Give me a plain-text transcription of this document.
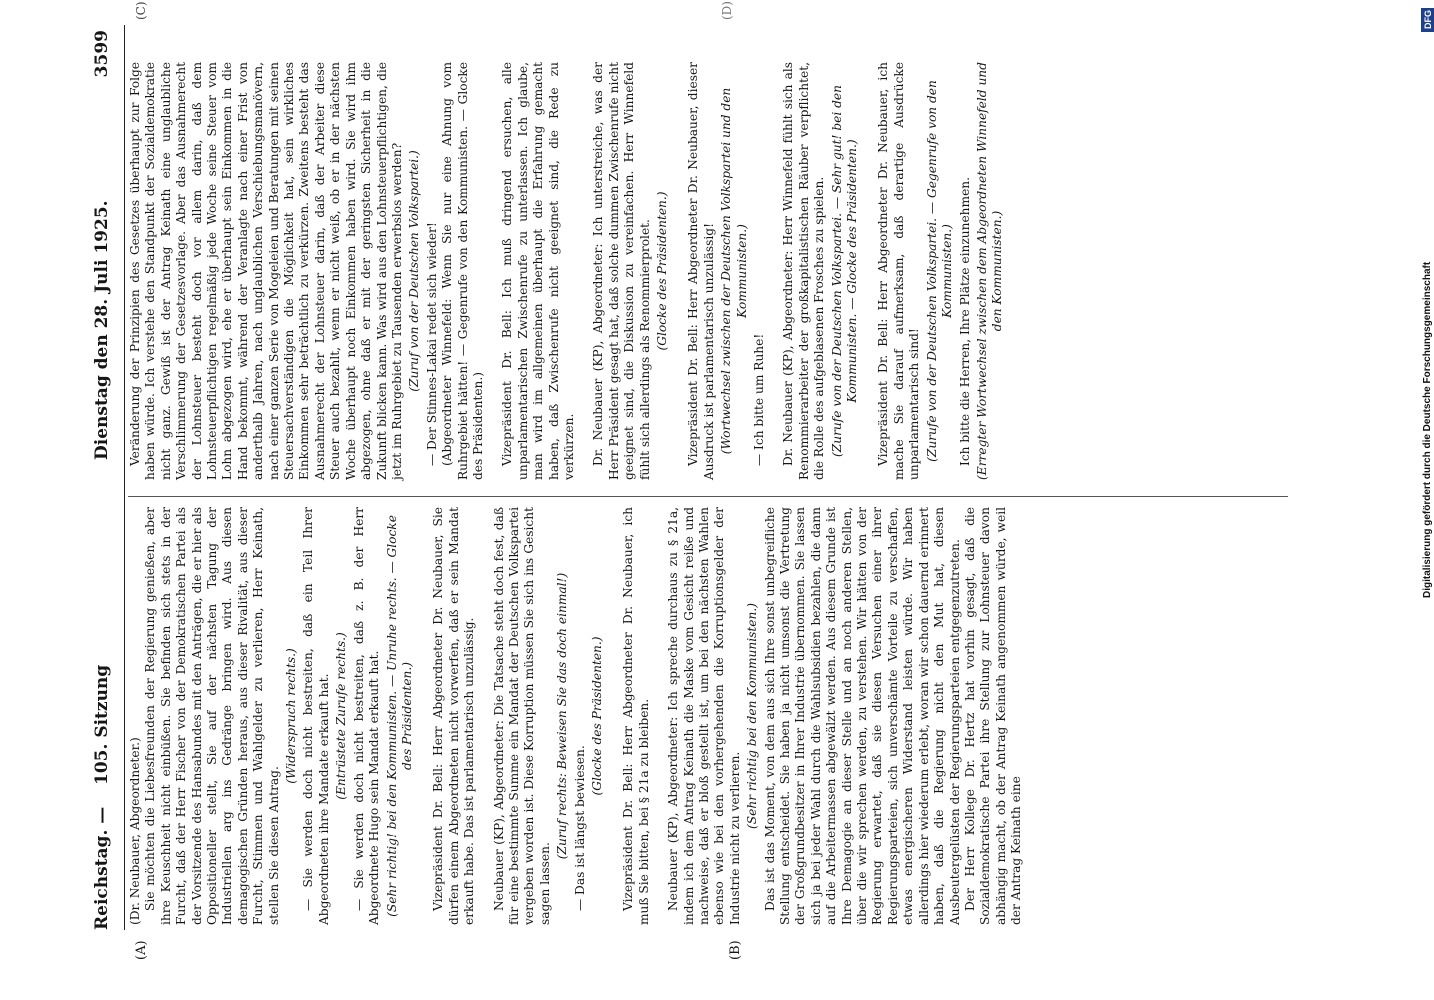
(A)	(B)
(C)	(D)
Reichstag. —
105. Sitzung
Dienstag den 28. Juli 1925.
3599

(Dr. Neubauer, Abgeordneter.) Sie möchten die Liebesfreunden der Regierung genießen, aber ihre Keuschheit nicht einbüßen. Sie befinden sich stets in der Furcht, daß der Herr Fischer von der Demokratischen Partei als der Vorsitzende des Hansabundes mit den Anträgen, die er hier als Oppositioneller stellt, Sie auf der nächsten Tagung der Industriellen arg ins Gedränge bringen wird. Aus diesen demagogischen Gründen heraus, aus dieser Rivalität, aus dieser Furcht, Stimmen und Wahlgelder zu verlieren, Herr Keinath, stellen Sie diesen Antrag.

(Widerspruch rechts.) — Sie werden doch nicht bestreiten, daß ein Teil Ihrer Abgeordneten ihre Mandate erkauft hat. (Entrüstete Zurufe rechts.) — Sie werden doch nicht bestreiten, daß z. B. der Herr Abgeordnete Hugo sein Mandat erkauft hat. (Sehr richtig! bei den Kommunisten. — Unruhe rechts. — Glocke des Präsidenten.) Vizepräsident Dr. Bell: Herr Abgeordneter Dr. Neubauer, Sie dürfen einem Abgeordneten nicht vorwerfen, daß er sein Mandat erkauft habe. Das ist parlamentarisch unzulässig. Neubauer (KP), Abgeordneter: Die Tatsache steht doch fest, daß für eine bestimmte Summe ein Mandat der Deutschen Volkspartei vergeben worden ist. Diese Korruption müssen Sie sich ins Gesicht sagen lassen.

(Zuruf rechts: Beweisen Sie das doch einmal!) — Das ist längst bewiesen.

(Glocke des Präsidenten.) Vizepräsident Dr. Bell: Herr Abgeordneter Dr. Neubauer, ich muß Sie bitten, bei § 21a zu bleiben. Neubauer (KP), Abgeordneter: Ich spreche durchaus zu § 21a, indem ich dem Antrag Keinath die Maske vom Gesicht reiße und nachweise, daß er bloß gestellt ist, um bei den nächsten Wahlen ebenso wie bei den vorhergehenden die Korruptionsgelder der Industrie nicht zu verlieren.

(Sehr richtig bei den Kommunisten.) Das ist das Moment, von dem aus sich Ihre sonst unbegreifliche Stellung entscheidet. Sie haben ja nicht umsonst die Vertretung der Großgrundbesitzer in Ihrer Industrie übernommen. Sie lassen sich ja bei jeder Wahl durch die Wahlsubsidien bezahlen, die dann auf die Arbeitermassen abgewälzt werden. Aus diesem Grunde ist Ihre Demagogie an dieser Stelle und an noch anderen Stellen, über die wir sprechen werden, zu verstehen. Wir hätten von der Regierung erwartet, daß sie diesen Versuchen einer ihrer Regierungsparteien, sich unverschämte Vorteile zu verschaffen, etwas energischeren Widerstand leisten würde. Wir haben allerdings hier wiederum erlebt, woran wir schon dauernd erinnert haben, daß die Regierung nicht den Mut hat, diesen Ausbeutergelüsten der Regierungsparteien entgegenzutreten. Der Herr Kollege Dr. Hertz hat vorhin gesagt, daß die Sozialdemokratische Partei ihre Stellung zur Lohnsteuer davon abhängig macht, ob der Antrag Keinath angenommen würde, weil der Antrag Keinath eine

Veränderung der Prinzipien des Gesetzes überhaupt zur Folge haben würde. Ich verstehe den Standpunkt der Sozialdemokratie nicht ganz. Gewiß ist der Antrag Keinath eine unglaubliche Verschlimmerung der Gesetzesvorlage. Aber das Ausnahmerecht der Lohnsteuer besteht doch vor allem darin, daß dem Lohnsteuerpflichtigen regelmäßig jede Woche seine Steuer vom Lohn abgezogen wird, ehe er überhaupt sein Einkommen in die Hand bekommt, während der Veranlagte nach einer Frist von anderthalb Jahren, nach unglaublichen Verschiebungsmanövern, nach einer ganzen Serie von Mogeleien und Beratungen mit seinen Steuersachverständigen die Möglichkeit hat, sein wirkliches Einkommen sehr beträchtlich zu verkürzen. Zweitens besteht das Ausnahmerecht der Lohnsteuer darin, daß der Arbeiter diese Steuer auch bezahlt, wenn er nicht weiß, ob er in der nächsten Woche überhaupt noch Einkommen haben wird. Sie wird ihm abgezogen, ohne daß er mit der geringsten Sicherheit in die Zukunft blicken kann. Was wird aus den Lohnsteuerpflichtigen, die jetzt im Ruhrgebiet zu Tausenden erwerbslos werden? (Zuruf von der Deutschen Volkspartei.) — Der Stinnes-Lakai redet sich wieder! (Abgeordneter Winnefeld: Wenn Sie nur eine Ahnung vom Ruhrgebiet hätten! — Gegenrufe von den Kommunisten. — Glocke des Präsidenten.) Vizepräsident Dr. Bell: Ich muß dringend ersuchen, alle unparlamentarischen Zwischenrufe zu unterlassen. Ich glaube, man wird im allgemeinen überhaupt die Erfahrung gemacht haben, daß Zwischenrufe nicht geeignet sind, die Rede zu verkürzen. Dr. Neubauer (KP), Abgeordneter: Ich unterstreiche, was der Herr Präsident gesagt hat, daß solche dummen Zwischenrufe nicht geeignet sind, die Diskussion zu vereinfachen. Herr Winnefeld fühlt sich allerdings als Renommierprolet. (Glocke des Präsidenten.) Vizepräsident Dr. Bell: Herr Abgeordneter Dr. Neubauer, dieser Ausdruck ist parlamentarisch unzulässig! (Wortwechsel zwischen der Deutschen Volkspartei und den Kommunisten.)

— Ich bitte um Ruhe! Dr. Neubauer (KP), Abgeordneter: Herr Winnefeld fühlt sich als Renommierarbeiter der großkapitalistischen Räuber verpflichtet, die Rolle des aufgeblasenen Frosches zu spielen. (Zurufe von der Deutschen Volkspartei. — Sehr gut! bei den Kommunisten. — Glocke des Präsidenten.) Vizepräsident Dr. Bell: Herr Abgeordneter Dr. Neubauer, ich mache Sie darauf aufmerksam, daß derartige Ausdrücke unparlamentarisch sind! (Zurufe von der Deutschen Volkspartei. — Gegenrufe von den Kommunisten.) Ich bitte die Herren, Ihre Plätze einzunehmen. (Erregter Wortwechsel zwischen dem Abgeordneten Winnefeld und den Kommunisten.)

DFG
Digitalisierung gefördert durch die Deutsche Forschungsgemeinschaft
